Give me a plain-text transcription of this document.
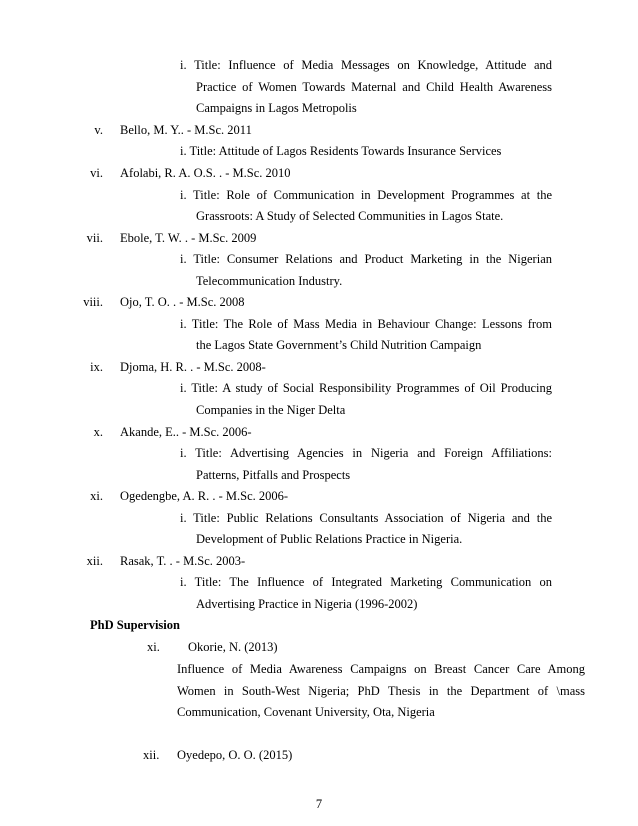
i. Title: Influence of Media Messages on Knowledge, Attitude and
Practice of Women Towards Maternal and Child Health Awareness
Campaigns in Lagos Metropolis
v. Bello, M. Y.. - M.Sc. 2011
i. Title: Attitude of Lagos Residents Towards Insurance Services
vi. Afolabi, R. A. O.S. . - M.Sc. 2010
i. Title: Role of Communication in Development Programmes at the
Grassroots: A Study of Selected Communities in Lagos State.
vii. Ebole, T. W. . - M.Sc. 2009
i. Title: Consumer Relations and Product Marketing in the Nigerian
Telecommunication Industry.
viii. Ojo, T. O. . - M.Sc. 2008
i. Title: The Role of Mass Media in Behaviour Change: Lessons from
the Lagos State Government’s Child Nutrition Campaign
ix. Djoma, H. R. . - M.Sc. 2008-
i. Title: A study of Social Responsibility Programmes of Oil Producing
Companies in the Niger Delta
x. Akande, E.. - M.Sc. 2006-
i. Title: Advertising Agencies in Nigeria and Foreign Affiliations:
Patterns, Pitfalls and Prospects
xi. Ogedengbe, A. R. . - M.Sc. 2006-
i. Title: Public Relations Consultants Association of Nigeria and the
Development of Public Relations Practice in Nigeria.
xii. Rasak, T. . - M.Sc. 2003-
i. Title: The Influence of Integrated Marketing Communication on
Advertising Practice in Nigeria (1996-2002)
PhD Supervision
xi. Okorie, N. (2013)
Influence of Media Awareness Campaigns on Breast Cancer Care Among
Women in South-West Nigeria; PhD Thesis in the Department of \mass
Communication, Covenant University, Ota, Nigeria
xii. Oyedepo, O. O. (2015)
7
